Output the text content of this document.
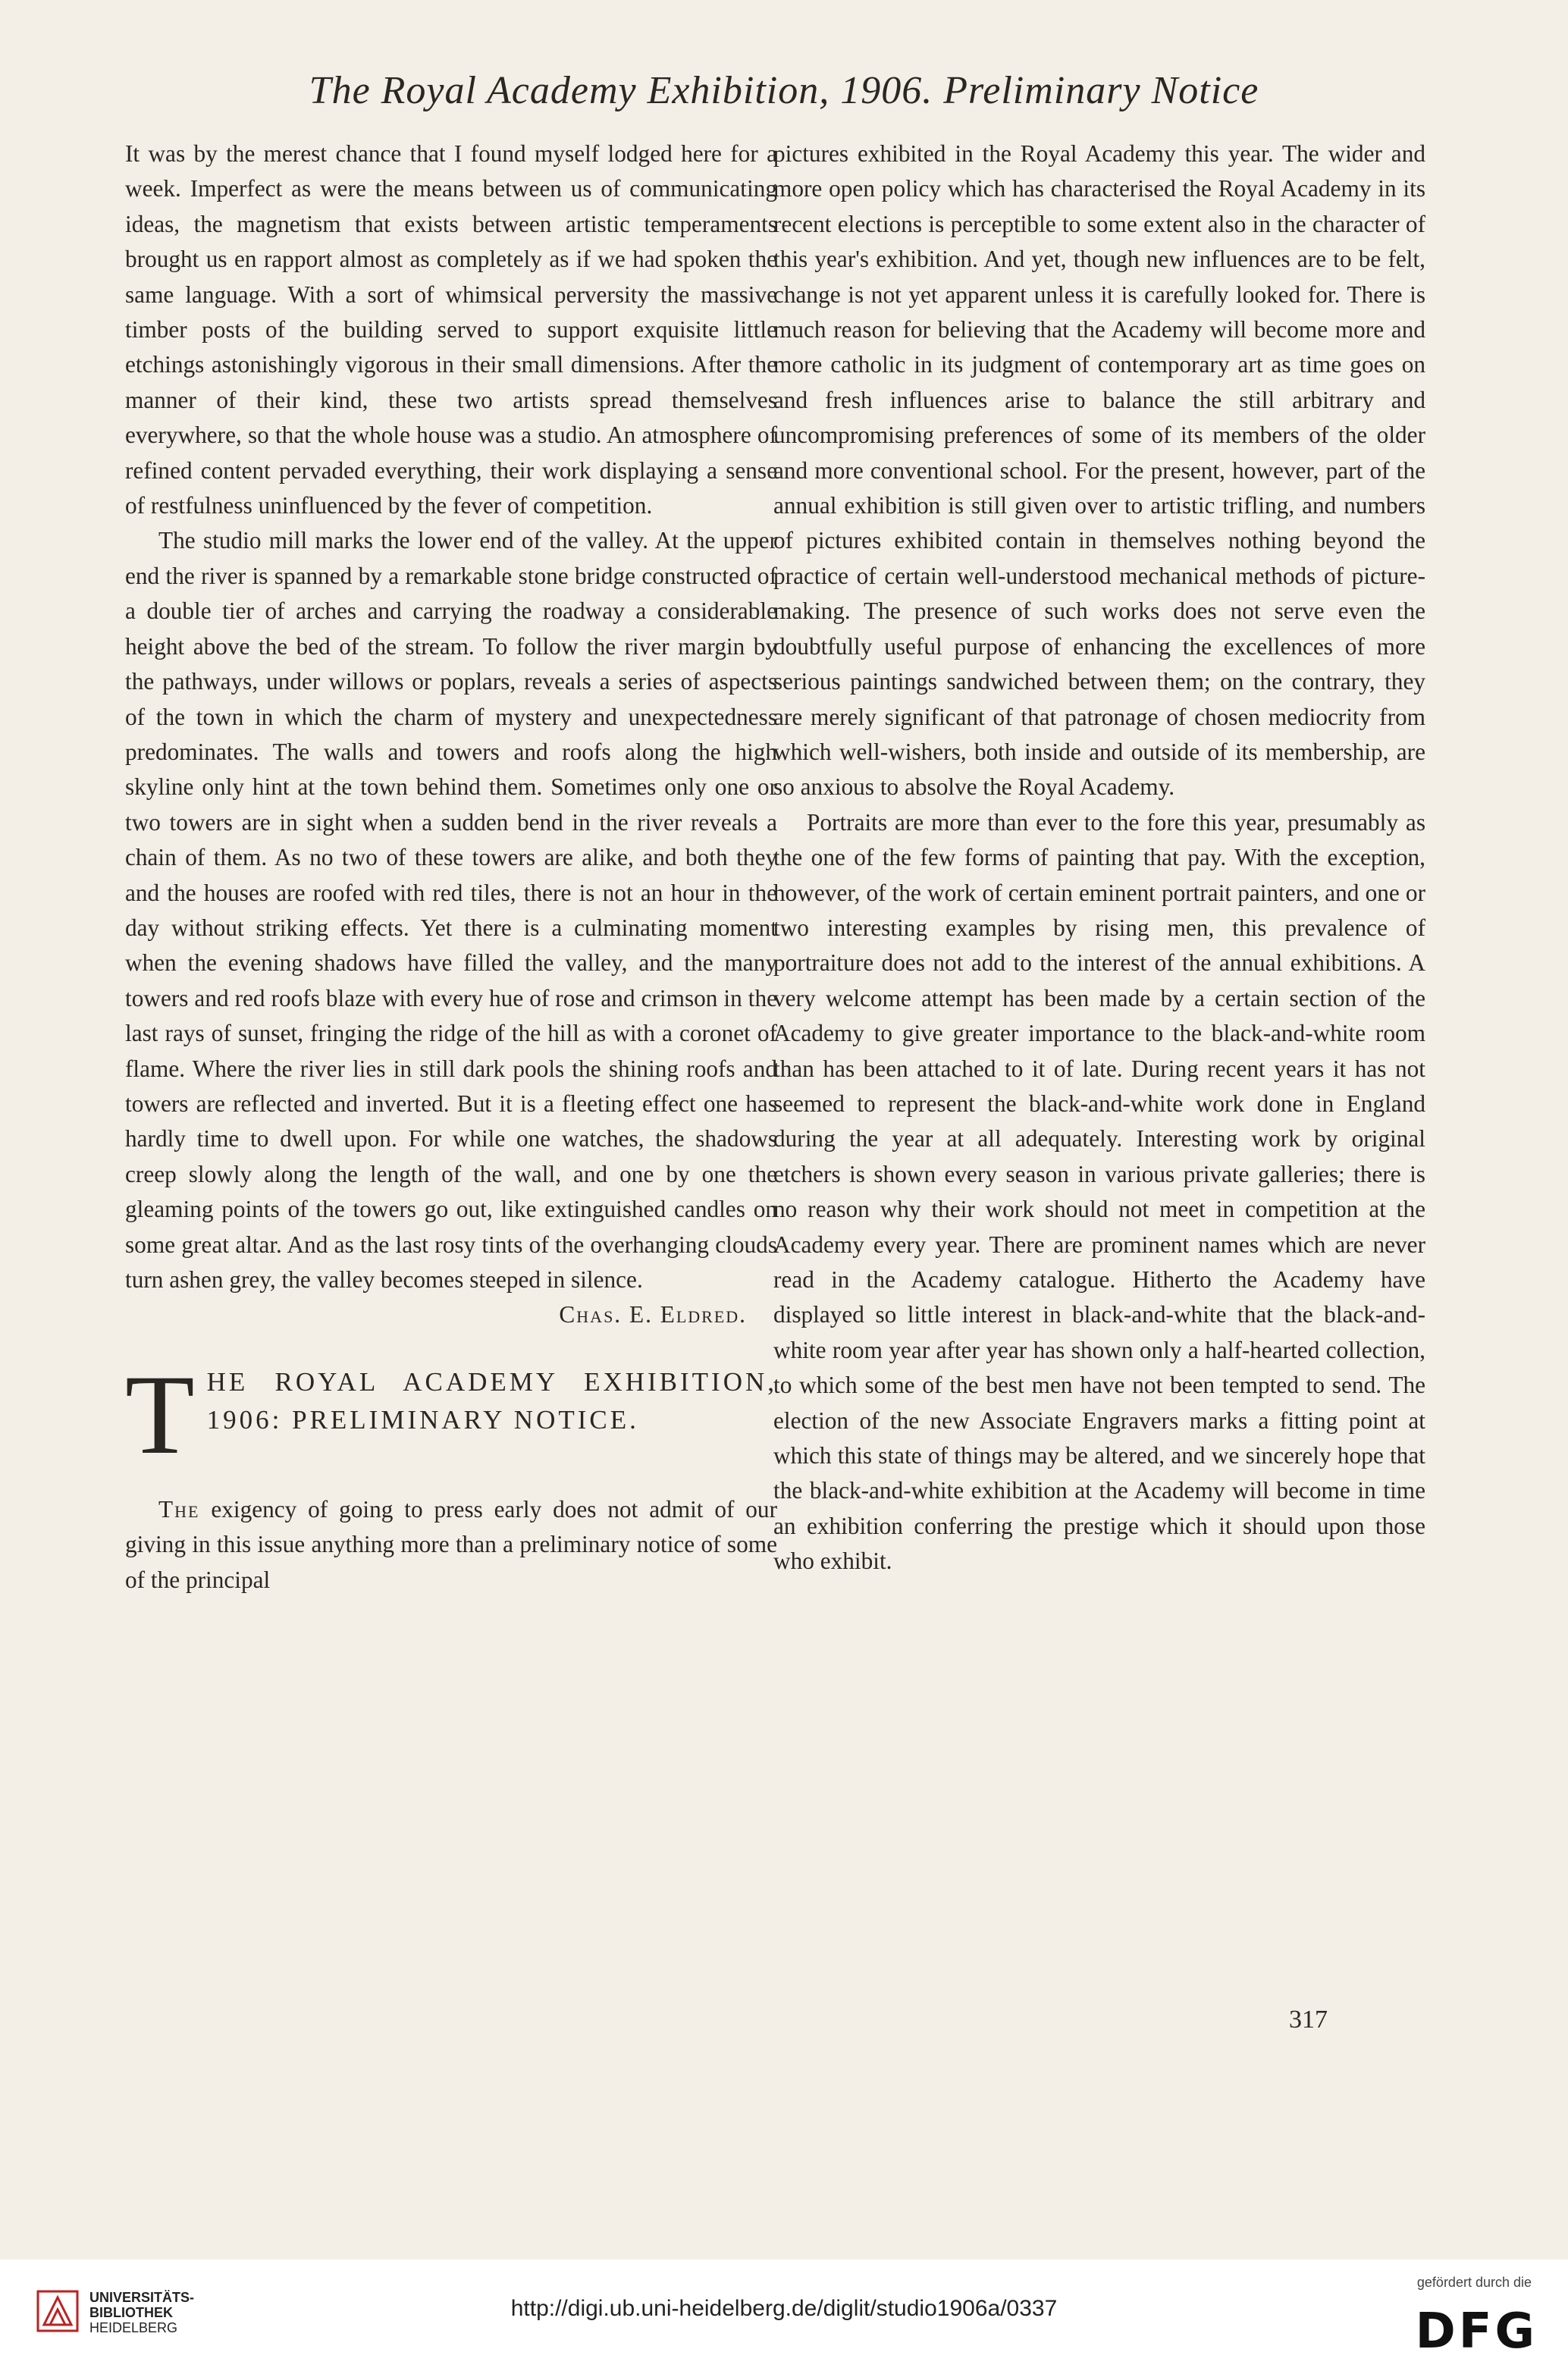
The Royal Academy Exhibition, 1906. Preliminary Notice

It was by the merest chance that I found myself lodged here for a week. Imperfect as were the means between us of communicating ideas, the magnetism that exists between artistic temperaments brought us en rapport almost as completely as if we had spoken the same language. With a sort of whimsical perversity the massive timber posts of the building served to support exquisite little etchings astonishingly vigorous in their small dimensions. After the manner of their kind, these two artists spread themselves everywhere, so that the whole house was a studio. An atmosphere of refined content pervaded everything, their work displaying a sense of restfulness uninfluenced by the fever of competition.

The studio mill marks the lower end of the valley. At the upper end the river is spanned by a remarkable stone bridge constructed of a double tier of arches and carrying the roadway a considerable height above the bed of the stream. To follow the river margin by the pathways, under willows or poplars, reveals a series of aspects of the town in which the charm of mystery and unexpectedness predominates. The walls and towers and roofs along the high skyline only hint at the town behind them. Sometimes only one or two towers are in sight when a sudden bend in the river reveals a chain of them. As no two of these towers are alike, and both they and the houses are roofed with red tiles, there is not an hour in the day without striking effects. Yet there is a culminating moment when the evening shadows have filled the valley, and the many towers and red roofs blaze with every hue of rose and crimson in the last rays of sunset, fringing the ridge of the hill as with a coronet of flame. Where the river lies in still dark pools the shining roofs and towers are reflected and inverted. But it is a fleeting effect one has hardly time to dwell upon. For while one watches, the shadows creep slowly along the length of the wall, and one by one the gleaming points of the towers go out, like extinguished candles on some great altar. And as the last rosy tints of the overhanging clouds turn ashen grey, the valley becomes steeped in silence.

Chas. E. Eldred.

T HE ROYAL ACADEMY EXHIBITION, 1906: PRELIMINARY NOTICE.

The exigency of going to press early does not admit of our giving in this issue anything more than a preliminary notice of some of the principal

pictures exhibited in the Royal Academy this year. The wider and more open policy which has characterised the Royal Academy in its recent elections is perceptible to some extent also in the character of this year's exhibition. And yet, though new influences are to be felt, change is not yet apparent unless it is carefully looked for. There is much reason for believing that the Academy will become more and more catholic in its judgment of contemporary art as time goes on and fresh influences arise to balance the still arbitrary and uncompromising preferences of some of its members of the older and more conventional school. For the present, however, part of the annual exhibition is still given over to artistic trifling, and numbers of pictures exhibited contain in themselves nothing beyond the practice of certain well-understood mechanical methods of picture-making. The presence of such works does not serve even the doubtfully useful purpose of enhancing the excellences of more serious paintings sandwiched between them; on the contrary, they are merely significant of that patronage of chosen mediocrity from which well-wishers, both inside and outside of its membership, are so anxious to absolve the Royal Academy.

Portraits are more than ever to the fore this year, presumably as the one of the few forms of painting that pay. With the exception, however, of the work of certain eminent portrait painters, and one or two interesting examples by rising men, this prevalence of portraiture does not add to the interest of the annual exhibitions. A very welcome attempt has been made by a certain section of the Academy to give greater importance to the black-and-white room than has been attached to it of late. During recent years it has not seemed to represent the black-and-white work done in England during the year at all adequately. Interesting work by original etchers is shown every season in various private galleries; there is no reason why their work should not meet in competition at the Academy every year. There are prominent names which are never read in the Academy catalogue. Hitherto the Academy have displayed so little interest in black-and-white that the black-and-white room year after year has shown only a half-hearted collection, to which some of the best men have not been tempted to send. The election of the new Associate Engravers marks a fitting point at which this state of things may be altered, and we sincerely hope that the black-and-white exhibition at the Academy will become in time an exhibition conferring the prestige which it should upon those who exhibit.

317
UNIVERSITÄTS-
BIBLIOTHEK
HEIDELBERG
http://digi.ub.uni-heidelberg.de/diglit/studio1906a/0337
gefördert durch die
DFG
